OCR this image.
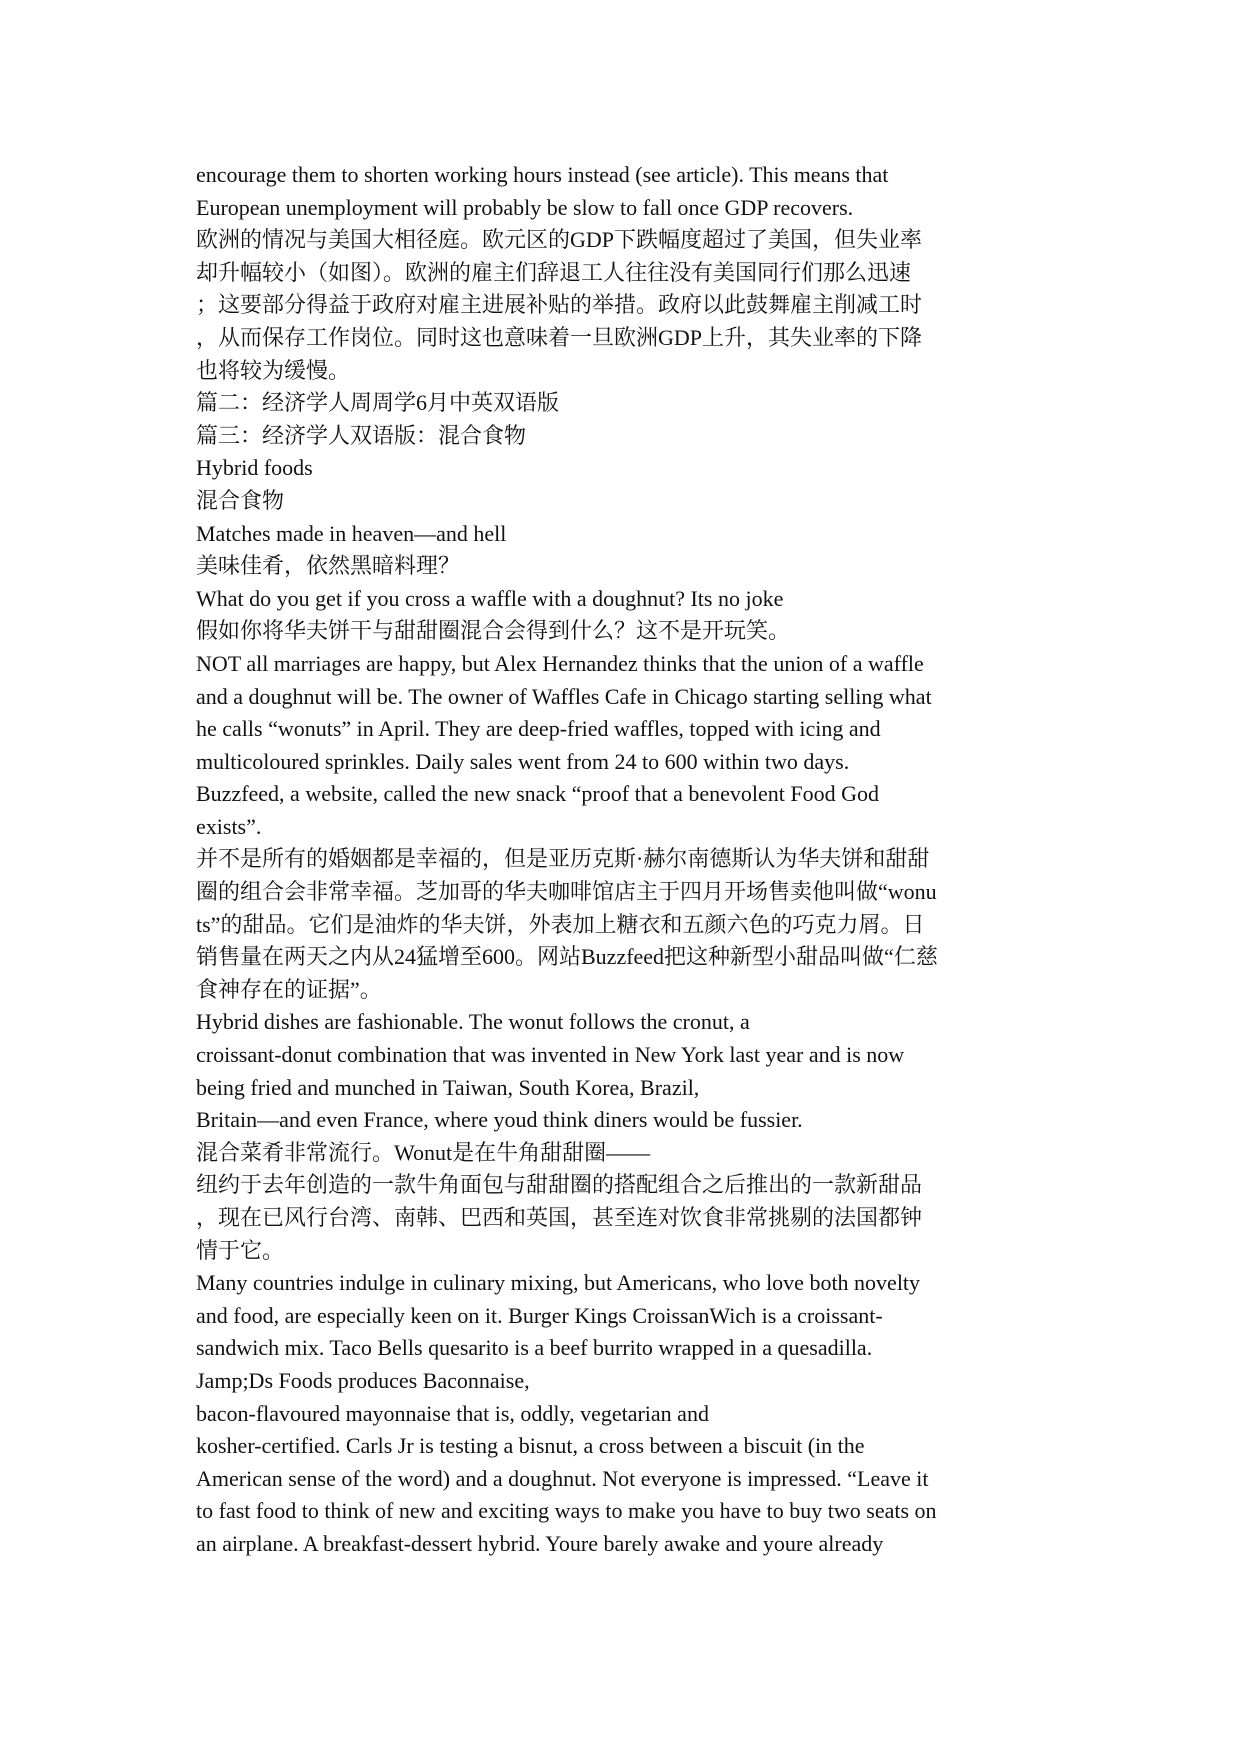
encourage them to shorten working hours instead (see article). This means that
European unemployment will probably be slow to fall once GDP recovers.
欧洲的情况与美国大相径庭。欧元区的GDP下跌幅度超过了美国，但失业率
却升幅较小（如图）。欧洲的雇主们辞退工人往往没有美国同行们那么迅速
；这要部分得益于政府对雇主进展补贴的举措。政府以此鼓舞雇主削减工时
，从而保存工作岗位。同时这也意味着一旦欧洲GDP上升，其失业率的下降
也将较为缓慢。
篇二：经济学人周周学6月中英双语版
篇三：经济学人双语版：混合食物
Hybrid foods
混合食物
Matches made in heaven—and hell
美味佳肴，依然黑暗料理？
What do you get if you cross a waffle with a doughnut? Its no joke
假如你将华夫饼干与甜甜圈混合会得到什么？这不是开玩笑。
NOT all marriages are happy, but Alex Hernandez thinks that the union of a waffle
and a doughnut will be. The owner of Waffles Cafe in Chicago starting selling what
he calls “wonuts” in April. They are deep-fried waffles, topped with icing and
multicoloured sprinkles. Daily sales went from 24 to 600 within two days.
Buzzfeed, a website, called the new snack “proof that a benevolent Food God
exists”.
并不是所有的婚姻都是幸福的，但是亚历克斯·赫尔南德斯认为华夫饼和甜甜
圈的组合会非常幸福。芝加哥的华夫咖啡馆店主于四月开场售卖他叫做“wonu
ts”的甜品。它们是油炸的华夫饼，外表加上糖衣和五颜六色的巧克力屑。日
销售量在两天之内从24猛增至600。网站Buzzfeed把这种新型小甜品叫做“仁慈
食神存在的证据”。
Hybrid dishes are fashionable. The wonut follows the cronut, a
croissant-donut combination that was invented in New York last year and is now
being fried and munched in Taiwan, South Korea, Brazil,
Britain—and even France, where youd think diners would be fussier.
混合菜肴非常流行。Wonut是在牛角甜甜圈——
纽约于去年创造的一款牛角面包与甜甜圈的搭配组合之后推出的一款新甜品
，现在已风行台湾、南韩、巴西和英国，甚至连对饮食非常挑剔的法国都钟
情于它。
Many countries indulge in culinary mixing, but Americans, who love both novelty
and food, are especially keen on it. Burger Kings CroissanWich is a croissant-
sandwich mix. Taco Bells quesarito is a beef burrito wrapped in a quesadilla.
Jamp;Ds Foods produces Baconnaise,
bacon-flavoured mayonnaise that is, oddly, vegetarian and
kosher-certified. Carls Jr is testing a bisnut, a cross between a biscuit (in the
American sense of the word) and a doughnut. Not everyone is impressed. “Leave it
to fast food to think of new and exciting ways to make you have to buy two seats on
an airplane. A breakfast-dessert hybrid. Youre barely awake and youre already
